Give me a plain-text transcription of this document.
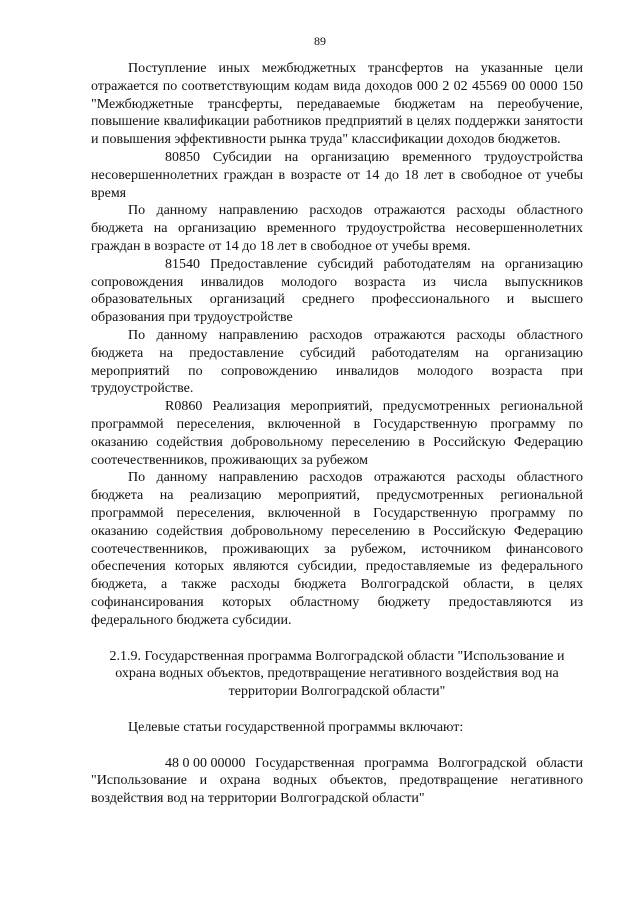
89

Поступление иных межбюджетных трансфертов на указанные цели отражается по соответствующим кодам вида доходов 000 2 02 45569 00 0000 150 "Межбюджетные трансферты, передаваемые бюджетам на переобучение, повышение квалификации работников предприятий в целях поддержки занятости и повышения эффективности рынка труда" классификации доходов бюджетов.

80850 Субсидии на организацию временного трудоустройства несовершеннолетних граждан в возрасте от 14 до 18 лет в свободное от учебы время

По данному направлению расходов отражаются расходы областного бюджета на организацию временного трудоустройства несовершеннолетних граждан в возрасте от 14 до 18 лет в свободное от учебы время.

81540 Предоставление субсидий работодателям на организацию сопровождения инвалидов молодого возраста из числа выпускников образовательных организаций среднего профессионального и высшего образования при трудоустройстве

По данному направлению расходов отражаются расходы областного бюджета на предоставление субсидий работодателям на организацию мероприятий по сопровождению инвалидов молодого возраста при трудоустройстве.

R0860 Реализация мероприятий, предусмотренных региональной программой переселения, включенной в Государственную программу по оказанию содействия добровольному переселению в Российскую Федерацию соотечественников, проживающих за рубежом

По данному направлению расходов отражаются расходы областного бюджета на реализацию мероприятий, предусмотренных региональной программой переселения, включенной в Государственную программу по оказанию содействия добровольному переселению в Российскую Федерацию соотечественников, проживающих за рубежом, источником финансового обеспечения которых являются субсидии, предоставляемые из федерального бюджета, а также расходы бюджета Волгоградской области, в целях софинансирования которых областному бюджету предоставляются из федерального бюджета субсидии.

2.1.9. Государственная программа Волгоградской области "Использование и охрана водных объектов, предотвращение негативного воздействия вод на территории Волгоградской области"

Целевые статьи государственной программы включают:

48 0 00 00000 Государственная программа Волгоградской области "Использование и охрана водных объектов, предотвращение негативного воздействия вод на территории Волгоградской области"
